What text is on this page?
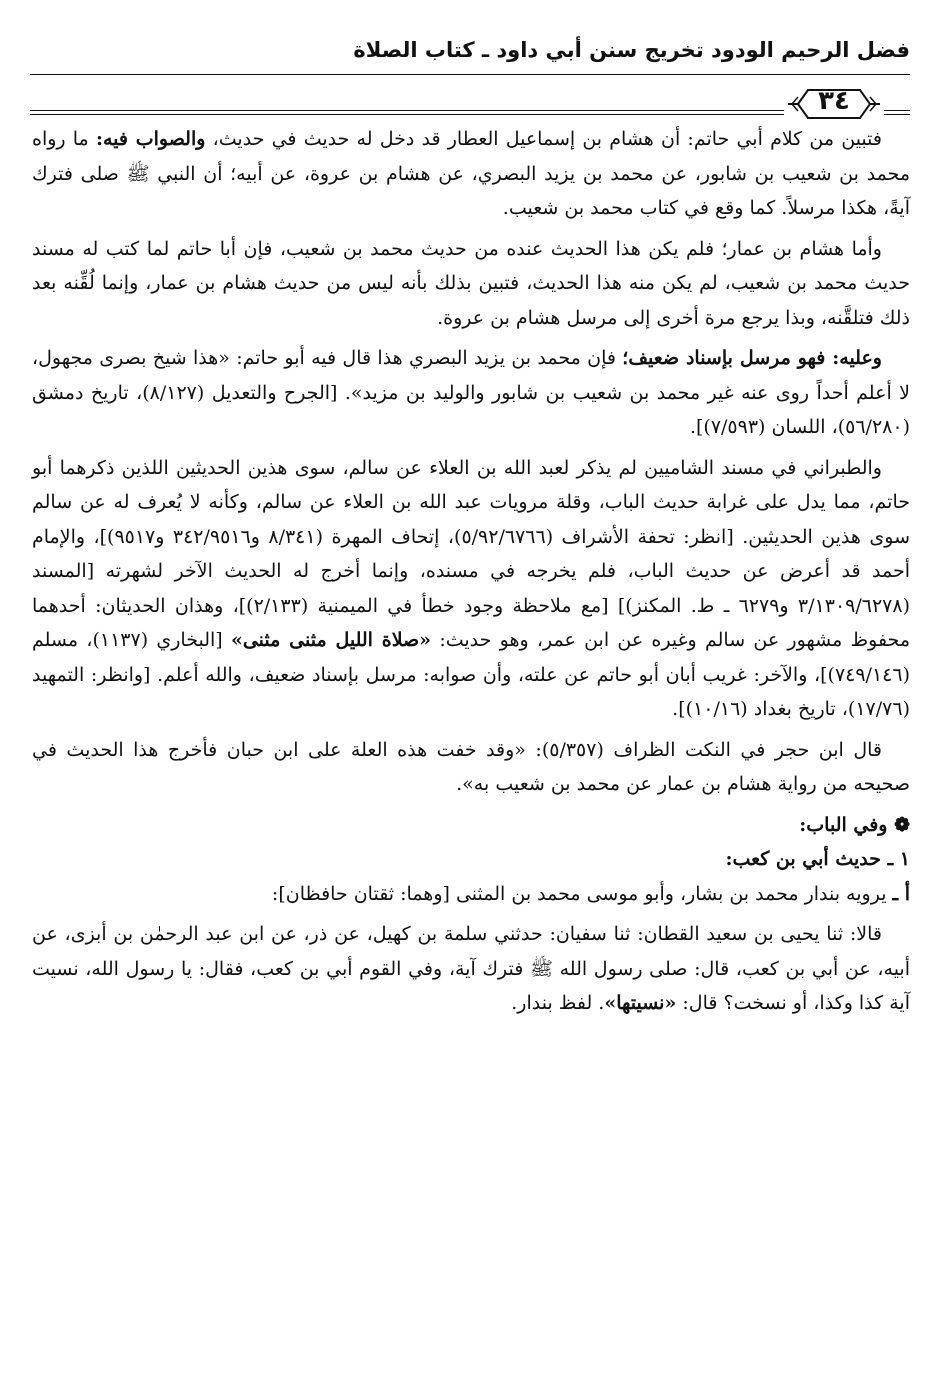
فضل الرحيم الودود تخريج سنن أبي داود ـ كتاب الصلاة
٣٤

فتبين من كلام أبي حاتم: أن هشام بن إسماعيل العطار قد دخل له حديث في حديث، والصواب فيه: ما رواه محمد بن شعيب بن شابور، عن محمد بن يزيد البصري، عن هشام بن عروة، عن أبيه؛ أن النبي ﷺ صلى فترك آيةً، هكذا مرسلاً. كما وقع في كتاب محمد بن شعيب.

وأما هشام بن عمار؛ فلم يكن هذا الحديث عنده من حديث محمد بن شعيب، فإن أبا حاتم لما كتب له مسند حديث محمد بن شعيب، لم يكن منه هذا الحديث، فتبين بذلك بأنه ليس من حديث هشام بن عمار، وإنما لُقِّنه بعد ذلك فتلقَّنه، وبذا يرجع مرة أخرى إلى مرسل هشام بن عروة.

وعليه: فهو مرسل بإسناد ضعيف؛ فإن محمد بن يزيد البصري هذا قال فيه أبو حاتم: «هذا شيخ بصرى مجهول، لا أعلم أحداً روى عنه غير محمد بن شعيب بن شابور والوليد بن مزيد». [الجرح والتعديل (٨/١٢٧)، تاريخ دمشق (٥٦/٢٨٠)، اللسان (٧/٥٩٣)].

والطبراني في مسند الشاميين لم يذكر لعبد الله بن العلاء عن سالم، سوى هذين الحديثين اللذين ذكرهما أبو حاتم، مما يدل على غرابة حديث الباب، وقلة مرويات عبد الله بن العلاء عن سالم، وكأنه لا يُعرف له عن سالم سوى هذين الحديثين. [انظر: تحفة الأشراف (٥/٩٢/٦٧٦٦)، إتحاف المهرة (٨/٣٤١ و٣٤٢/٩٥١٦ و٩٥١٧)]، والإمام أحمد قد أعرض عن حديث الباب، فلم يخرجه في مسنده، وإنما أخرج له الحديث الآخر لشهرته [المسند (٣/١٣٠٩/٦٢٧٨ و٦٢٧٩ ـ ط. المكنز)] [مع ملاحظة وجود خطأ في الميمنية (٢/١٣٣)]، وهذان الحديثان: أحدهما محفوظ مشهور عن سالم وغيره عن ابن عمر، وهو حديث: «صلاة الليل مثنى مثنى» [البخاري (١١٣٧)، مسلم (٧٤٩/١٤٦)]، والآخر: غريب أبان أبو حاتم عن علته، وأن صوابه: مرسل بإسناد ضعيف، والله أعلم. [وانظر: التمهيد (١٧/٧٦)، تاريخ بغداد (١٠/١٦)].

قال ابن حجر في النكت الظراف (٥/٣٥٧): «وقد خفت هذه العلة على ابن حبان فأخرج هذا الحديث في صحيحه من رواية هشام بن عمار عن محمد بن شعيب به».

❁ وفي الباب:

١ ـ حديث أبي بن كعب:

أ ـ يرويه بندار محمد بن بشار، وأبو موسى محمد بن المثنى [وهما: ثقتان حافظان]:

قالا: ثنا يحيى بن سعيد القطان: ثنا سفيان: حدثني سلمة بن كهيل، عن ذر، عن ابن عبد الرحمٰن بن أبزى، عن أبيه، عن أبي بن كعب، قال: صلى رسول الله ﷺ فترك آية، وفي القوم أبي بن كعب، فقال: يا رسول الله، نسيت آية كذا وكذا، أو نسخت؟ قال: «نسيتها». لفظ بندار.
